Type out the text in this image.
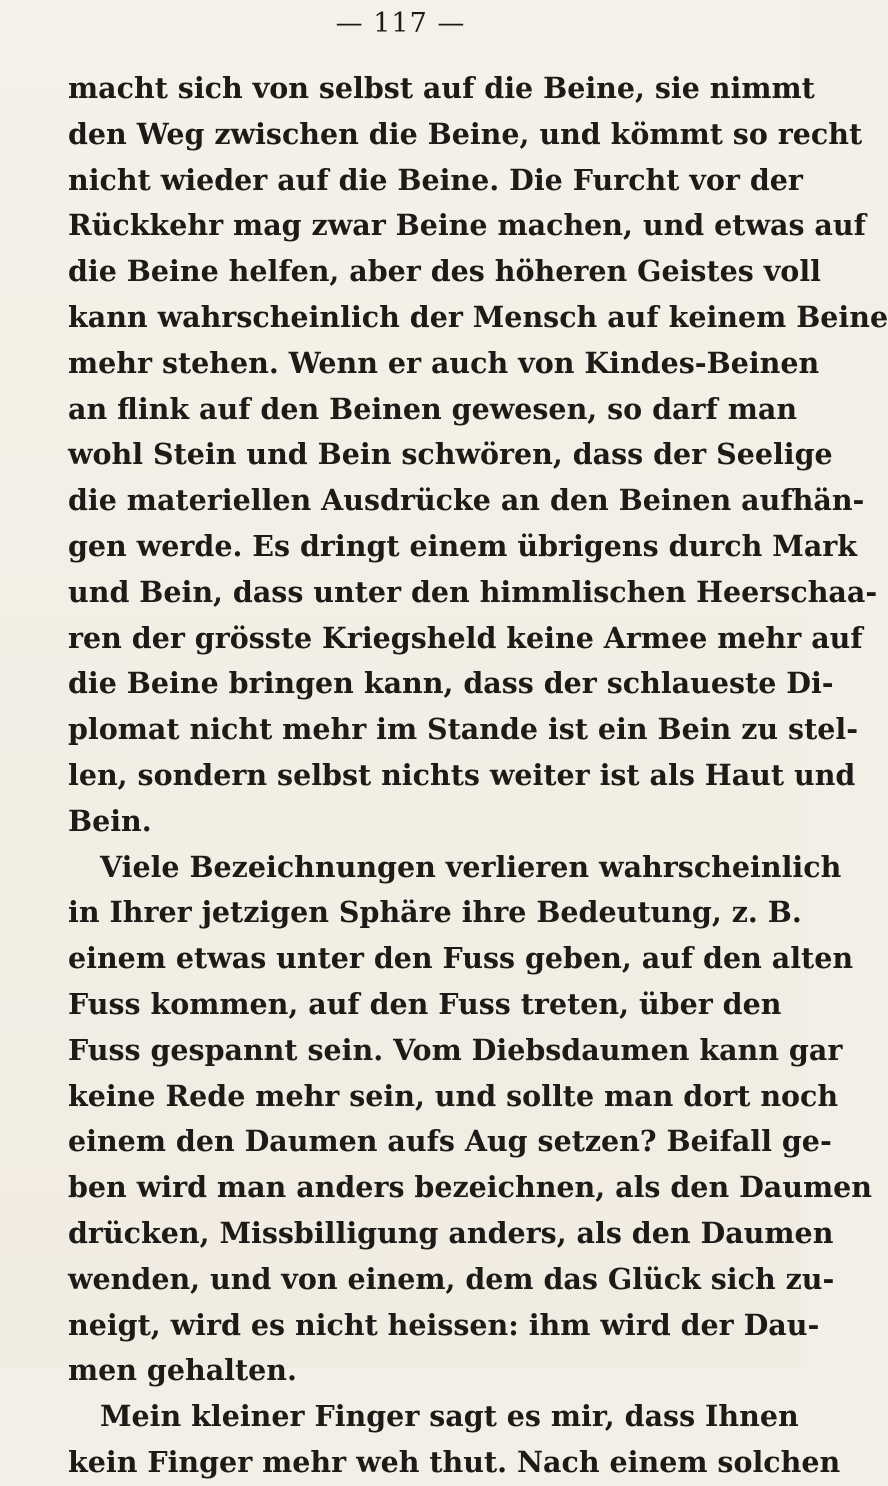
— 117 —
macht sich von selbst auf die Beine, sie nimmt
den Weg zwischen die Beine, und kömmt so recht
nicht wieder auf die Beine. Die Furcht vor der
Rückkehr mag zwar Beine machen, und etwas auf
die Beine helfen, aber des höheren Geistes voll
kann wahrscheinlich der Mensch auf keinem Beine
mehr stehen. Wenn er auch von Kindes-Beinen
an flink auf den Beinen gewesen, so darf man
wohl Stein und Bein schwören, dass der Seelige
die materiellen Ausdrücke an den Beinen aufhän-
gen werde. Es dringt einem übrigens durch Mark
und Bein, dass unter den himmlischen Heerschaa-
ren der grösste Kriegsheld keine Armee mehr auf
die Beine bringen kann, dass der schlaueste Di-
plomat nicht mehr im Stande ist ein Bein zu stel-
len, sondern selbst nichts weiter ist als Haut und
Bein.
Viele Bezeichnungen verlieren wahrscheinlich
in Ihrer jetzigen Sphäre ihre Bedeutung, z. B.
einem etwas unter den Fuss geben, auf den alten
Fuss kommen, auf den Fuss treten, über den
Fuss gespannt sein. Vom Diebsdaumen kann gar
keine Rede mehr sein, und sollte man dort noch
einem den Daumen aufs Aug setzen? Beifall ge-
ben wird man anders bezeichnen, als den Daumen
drücken, Missbilligung anders, als den Daumen
wenden, und von einem, dem das Glück sich zu-
neigt, wird es nicht heissen: ihm wird der Dau-
men gehalten.
Mein kleiner Finger sagt es mir, dass Ihnen
kein Finger mehr weh thut. Nach einem solchen
